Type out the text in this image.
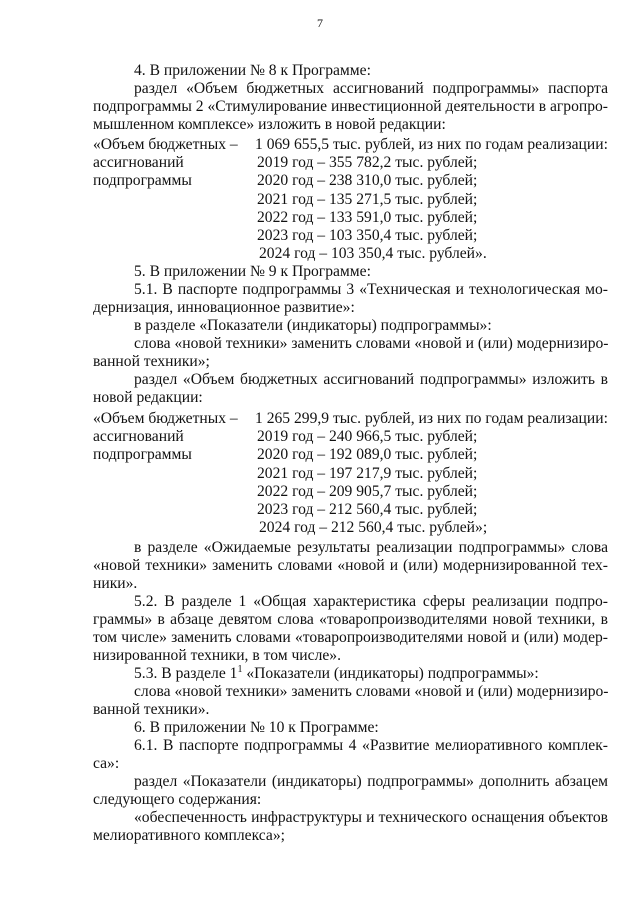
7
4. В приложении № 8 к Программе:
раздел «Объем бюджетных ассигнований подпрограммы» паспорта
подпрограммы 2 «Стимулирование инвестиционной деятельности в агропро-
мышленном комплексе» изложить в новой редакции:
«Объем бюджетных –
ассигнований
подпрограммы
1 069 655,5 тыс. рублей, из них по годам реализации:
2019 год – 355 782,2 тыс. рублей;
2020 год – 238 310,0 тыс. рублей;
2021 год – 135 271,5 тыс. рублей;
2022 год – 133 591,0 тыс. рублей;
2023 год – 103 350,4 тыс. рублей;
2024 год – 103 350,4 тыс. рублей».
5. В приложении № 9 к Программе:
5.1. В паспорте подпрограммы 3 «Техническая и технологическая мо-
дернизация, инновационное развитие»:
в разделе «Показатели (индикаторы) подпрограммы»:
слова «новой техники» заменить словами «новой и (или) модернизиро-
ванной техники»;
раздел «Объем бюджетных ассигнований подпрограммы» изложить в
новой редакции:
«Объем бюджетных –
ассигнований
подпрограммы
1 265 299,9 тыс. рублей, из них по годам реализации:
2019 год – 240 966,5 тыс. рублей;
2020 год – 192 089,0 тыс. рублей;
2021 год – 197 217,9 тыс. рублей;
2022 год – 209 905,7 тыс. рублей;
2023 год – 212 560,4 тыс. рублей;
2024 год – 212 560,4 тыс. рублей»;
в разделе «Ожидаемые результаты реализации подпрограммы» слова
«новой техники» заменить словами «новой и (или) модернизированной тех-
ники».
5.2. В разделе 1 «Общая характеристика сферы реализации подпро-
граммы» в абзаце девятом слова «товаропроизводителями новой техники, в
том числе» заменить словами «товаропроизводителями новой и (или) модер-
низированной техники, в том числе».
5.3. В разделе $1^1$ «Показатели (индикаторы) подпрограммы»:
слова «новой техники» заменить словами «новой и (или) модернизиро-
ванной техники».
6. В приложении № 10 к Программе:
6.1. В паспорте подпрограммы 4 «Развитие мелиоративного комплек-
са»:
раздел «Показатели (индикаторы) подпрограммы» дополнить абзацем
следующего содержания:
«обеспеченность инфраструктуры и технического оснащения объектов
мелиоративного комплекса»;
